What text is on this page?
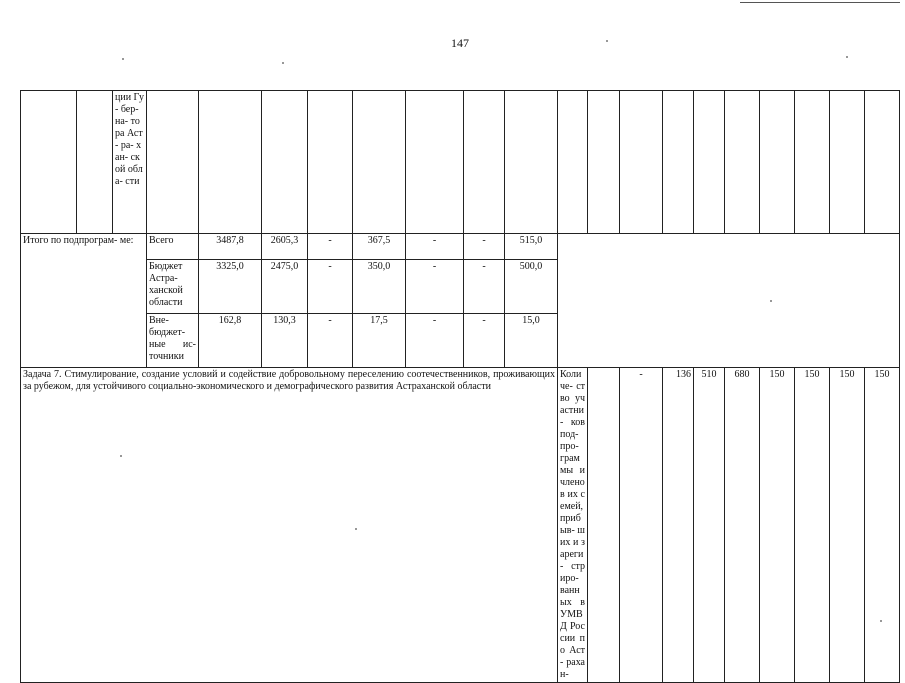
147
		ции Гу- бер- на- тора Аст- ра- хан- ской обла- сти																		
Итого по подпрограм- ме:			Всего	3487,8	2605,3	-	367,5	-	-	515,0										
			Бюджет Астра- ханской области	3325,0	2475,0	-	350,0	-	-	500,0										
			Вне- бюджет- ные ис- точники	162,8	130,3	-	17,5	-	-	15,0										
Задача 7. Стимулирование, создание условий и содействие добровольному переселению соотечественников, проживающих за рубежом, для устойчивого социально-экономического и демографического развития Астраханской области											Количе- ство участни- ков под- про- граммы и членов их семей, прибыв- ших и зареги- стриро- ванных в УМВД России по Аст- рахан-		-	136	510	680	150	150	150	150
